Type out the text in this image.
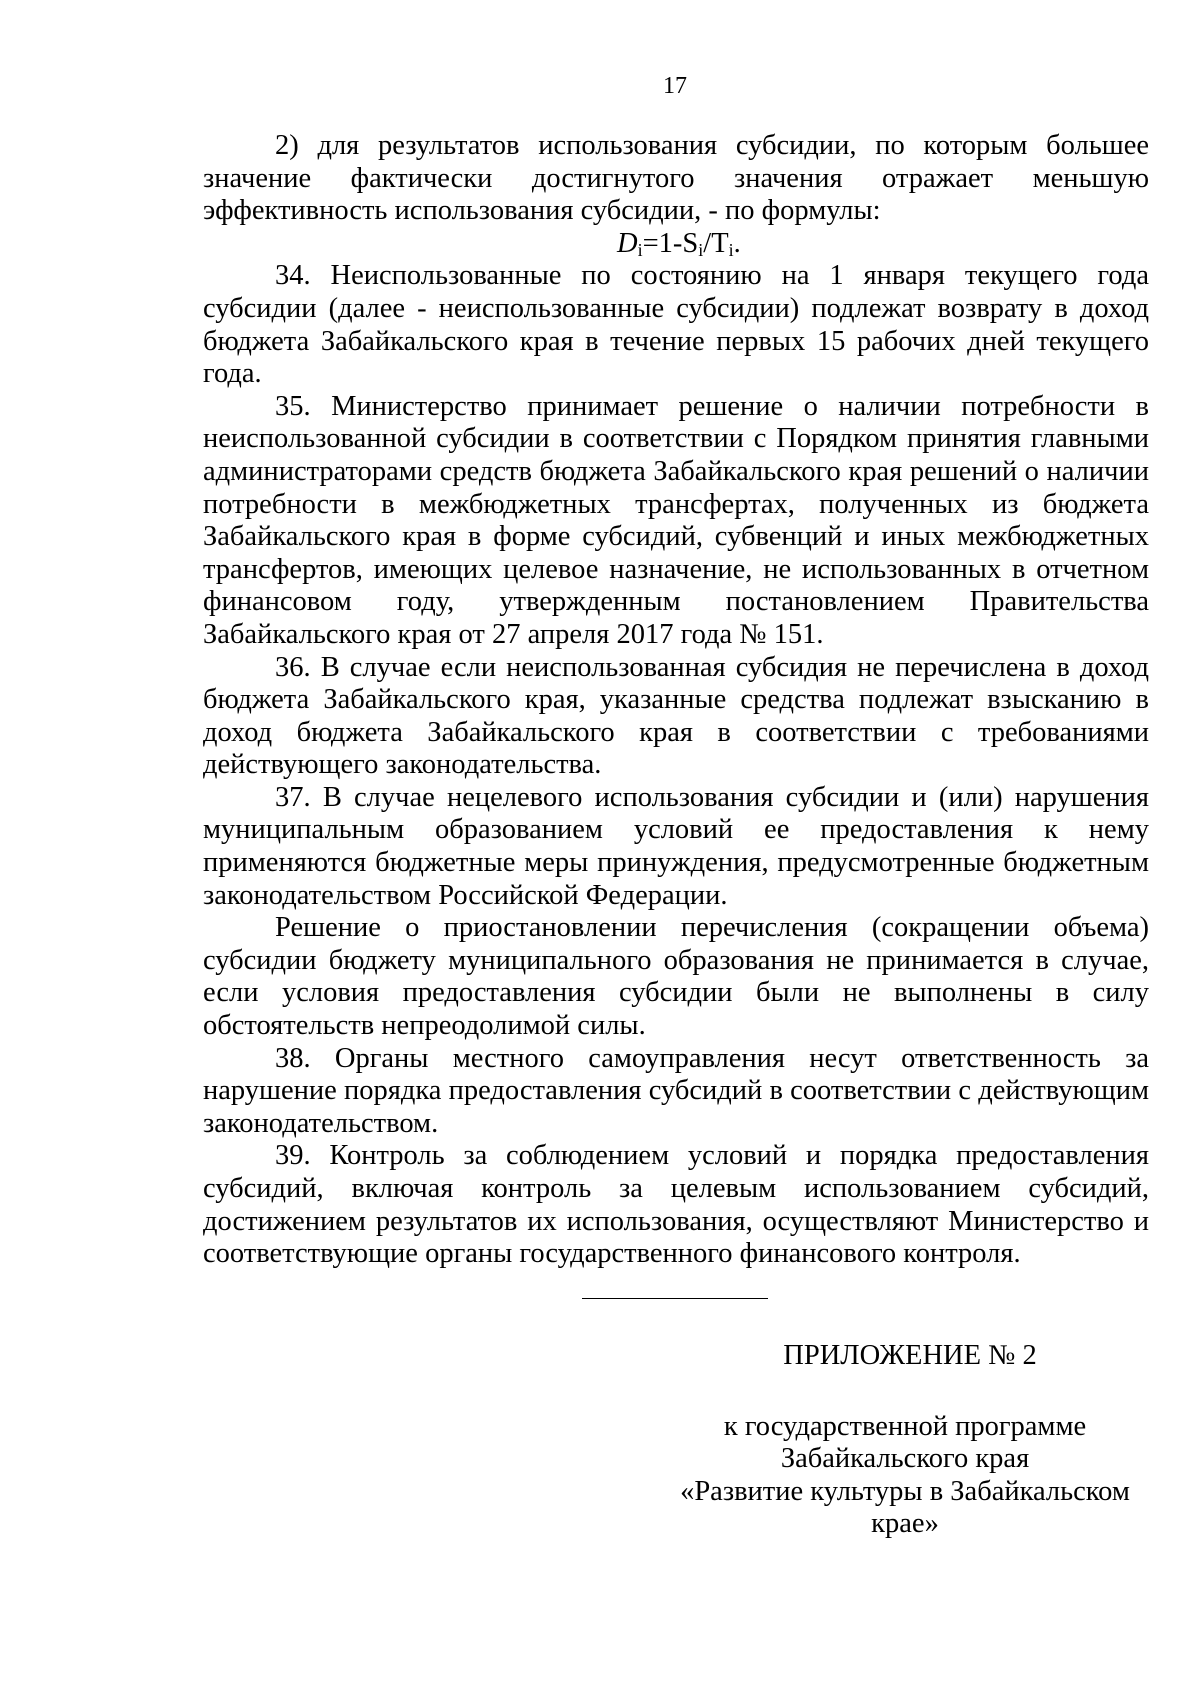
17

2) для результатов использования субсидии, по которым большее значение фактически достигнутого значения отражает меньшую эффективность использования субсидии, - по формулы:

$D_i=1-S_i/T_i$.

34. Неиспользованные по состоянию на 1 января текущего года субсидии (далее - неиспользованные субсидии) подлежат возврату в доход бюджета Забайкальского края в течение первых 15 рабочих дней текущего года.

35. Министерство принимает решение о наличии потребности в неиспользованной субсидии в соответствии с Порядком принятия главными администраторами средств бюджета Забайкальского края решений о наличии потребности в межбюджетных трансфертах, полученных из бюджета Забайкальского края в форме субсидий, субвенций и иных межбюджетных трансфертов, имеющих целевое назначение, не использованных в отчетном финансовом году, утвержденным постановлением Правительства Забайкальского края от 27 апреля 2017 года № 151.

36. В случае если неиспользованная субсидия не перечислена в доход бюджета Забайкальского края, указанные средства подлежат взысканию в доход бюджета Забайкальского края в соответствии с требованиями действующего законодательства.

37. В случае нецелевого использования субсидии и (или) нарушения муниципальным образованием условий ее предоставления к нему применяются бюджетные меры принуждения, предусмотренные бюджетным законодательством Российской Федерации.

Решение о приостановлении перечисления (сокращении объема) субсидии бюджету муниципального образования не принимается в случае, если условия предоставления субсидии были не выполнены в силу обстоятельств непреодолимой силы.

38. Органы местного самоуправления несут ответственность за нарушение порядка предоставления субсидий в соответствии с действующим законодательством.

39. Контроль за соблюдением условий и порядка предоставления субсидий, включая контроль за целевым использованием субсидий, достижением результатов их использования, осуществляют Министерство и соответствующие органы государственного финансового контроля.

ПРИЛОЖЕНИЕ № 2

к государственной программе

Забайкальского края

«Развитие культуры в Забайкальском

крае»
